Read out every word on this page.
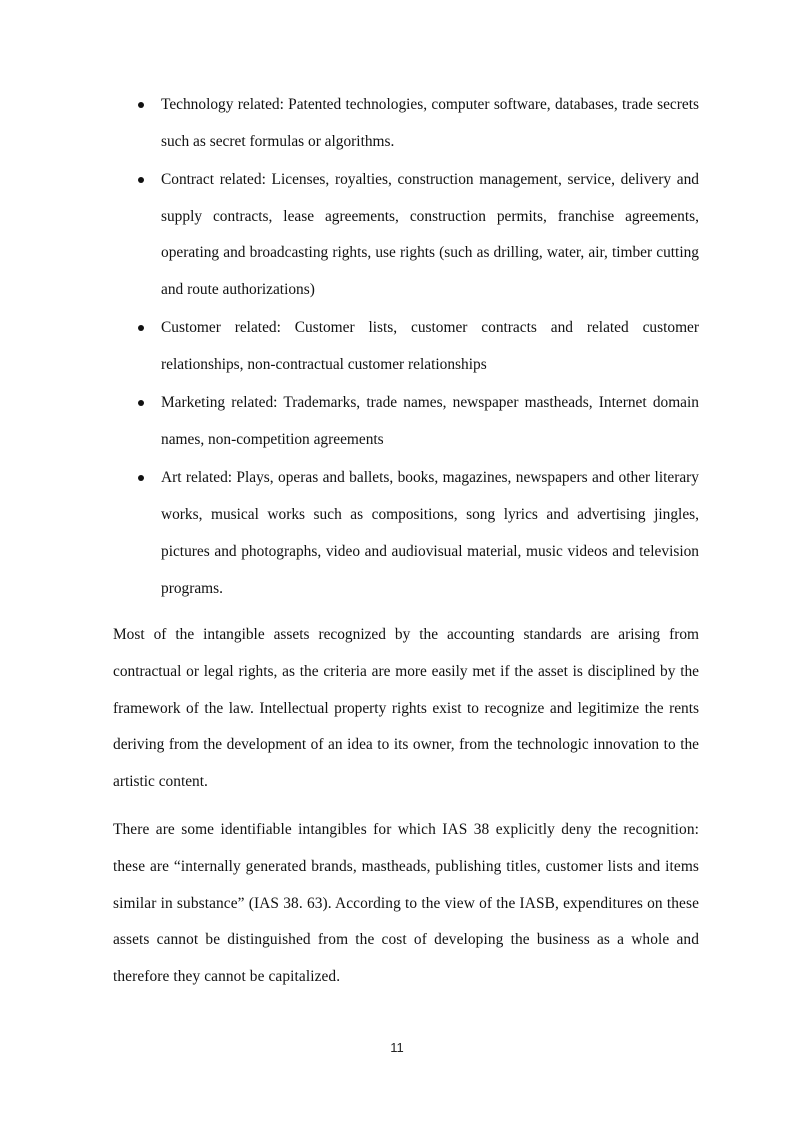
Technology related: Patented technologies, computer software, databases, trade secrets such as secret formulas or algorithms.
Contract related: Licenses, royalties, construction management, service, delivery and supply contracts, lease agreements, construction permits, franchise agreements, operating and broadcasting rights, use rights (such as drilling, water, air, timber cutting and route authorizations)
Customer related: Customer lists, customer contracts and related customer relationships, non-contractual customer relationships
Marketing related: Trademarks, trade names, newspaper mastheads, Internet domain names, non-competition agreements
Art related: Plays, operas and ballets, books, magazines, newspapers and other literary works, musical works such as compositions, song lyrics and advertising jingles, pictures and photographs, video and audiovisual material, music videos and television programs.

Most of the intangible assets recognized by the accounting standards are arising from contractual or legal rights, as the criteria are more easily met if the asset is disciplined by the framework of the law. Intellectual property rights exist to recognize and legitimize the rents deriving from the development of an idea to its owner, from the technologic innovation to the artistic content.

There are some identifiable intangibles for which IAS 38 explicitly deny the recognition: these are “internally generated brands, mastheads, publishing titles, customer lists and items similar in substance” (IAS 38. 63). According to the view of the IASB, expenditures on these assets cannot be distinguished from the cost of developing the business as a whole and therefore they cannot be capitalized.

11
